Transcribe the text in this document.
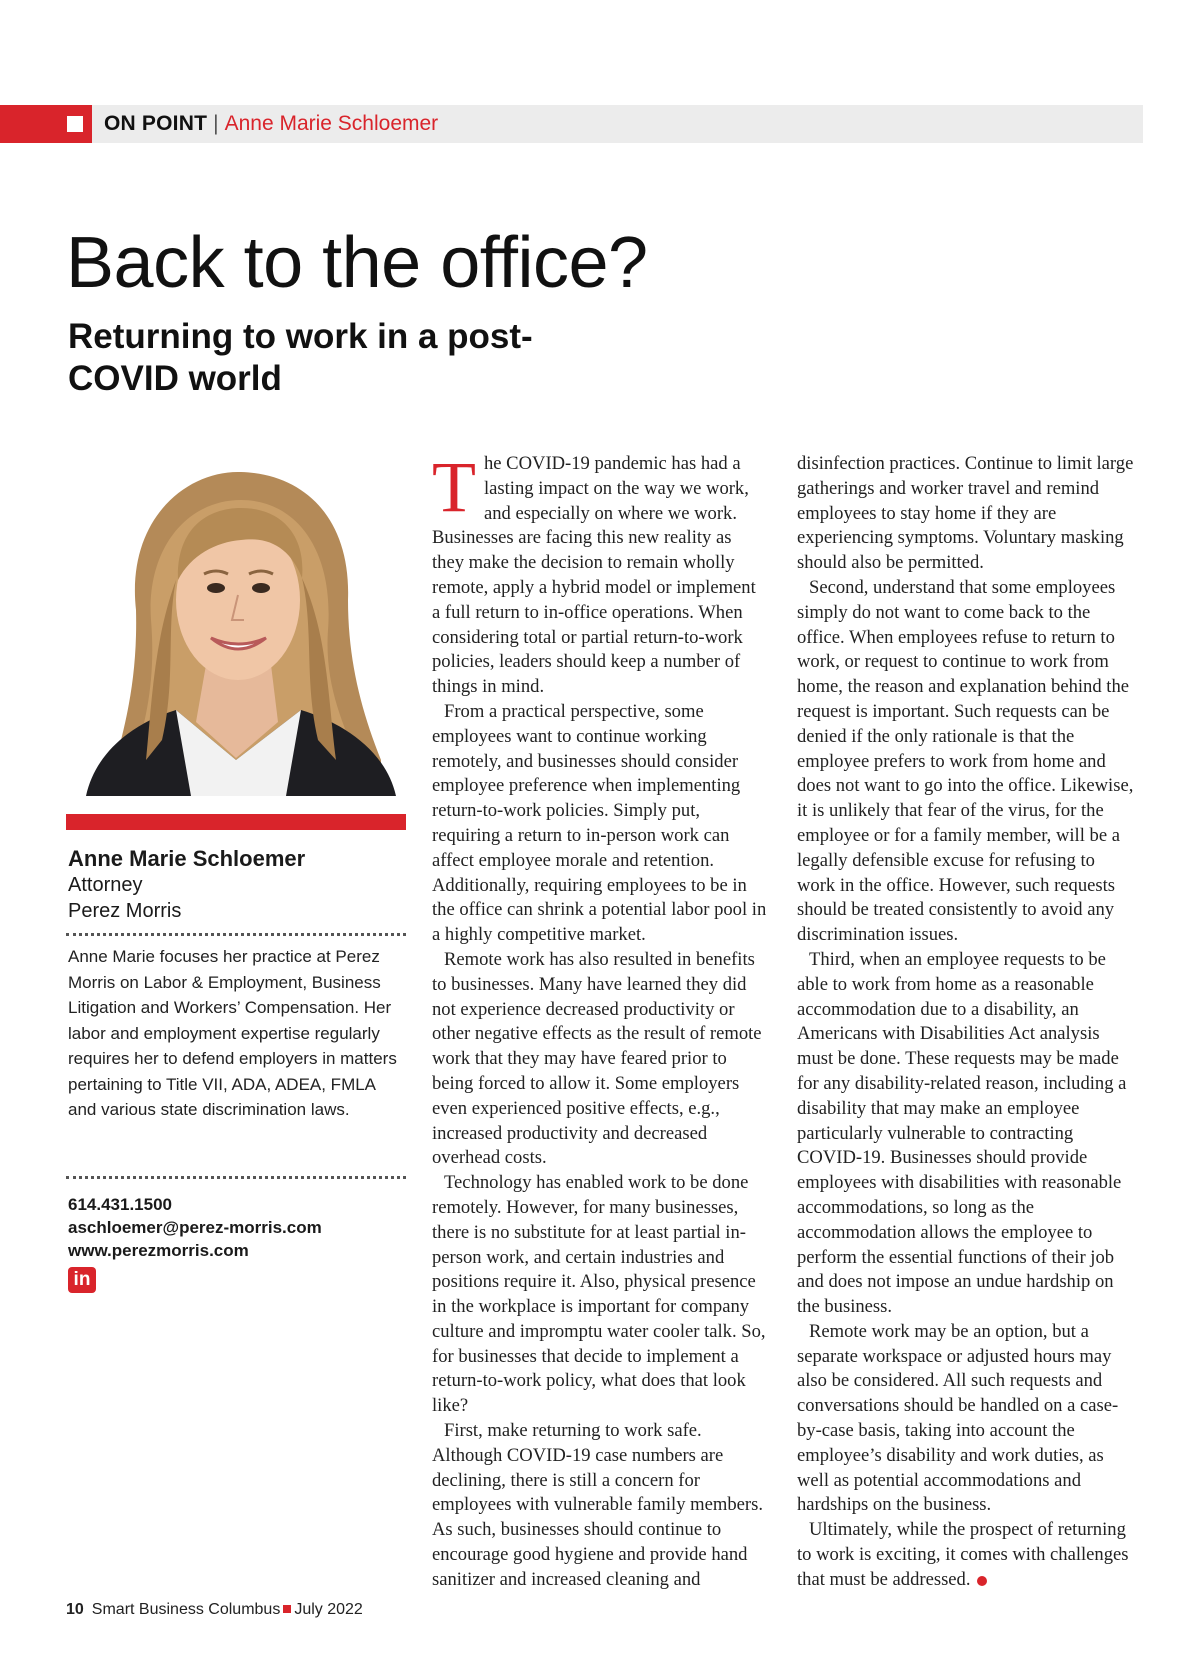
ON POINT | Anne Marie Schloemer
Back to the office?
Returning to work in a post-COVID world
Anne Marie Schloemer
Attorney
Perez Morris

Anne Marie focuses her practice at Perez Morris on Labor & Employment, Business Litigation and Workers’ Compensation. Her labor and employment expertise regularly requires her to defend employers in matters pertaining to Title VII, ADA, ADEA, FMLA and various state discrimination laws.

614.431.1500
aschloemer@perez-morris.com
www.perezmorris.com
in

The COVID-19 pandemic has had a lasting impact on the way we work, and especially on where we work. Businesses are facing this new reality as they make the decision to remain wholly remote, apply a hybrid model or implement a full return to in-office operations. When considering total or partial return-to-work policies, leaders should keep a number of things in mind.

From a practical perspective, some employees want to continue working remotely, and businesses should consider employee preference when implementing return-to-work policies. Simply put, requiring a return to in-person work can affect employee morale and retention. Additionally, requiring employees to be in the office can shrink a potential labor pool in a highly competitive market.

Remote work has also resulted in benefits to businesses. Many have learned they did not experience decreased productivity or other negative effects as the result of remote work that they may have feared prior to being forced to allow it. Some employers even experienced positive effects, e.g., increased productivity and decreased overhead costs.

Technology has enabled work to be done remotely. However, for many businesses, there is no substitute for at least partial in-person work, and certain industries and positions require it. Also, physical presence in the workplace is important for company culture and impromptu water cooler talk. So, for businesses that decide to implement a return-to-work policy, what does that look like?

First, make returning to work safe. Although COVID-19 case numbers are declining, there is still a concern for employees with vulnerable family members. As such, businesses should continue to encourage good hygiene and provide hand sanitizer and increased cleaning and

disinfection practices. Continue to limit large gatherings and worker travel and remind employees to stay home if they are experiencing symptoms. Voluntary masking should also be permitted.

Second, understand that some employees simply do not want to come back to the office. When employees refuse to return to work, or request to continue to work from home, the reason and explanation behind the request is important. Such requests can be denied if the only rationale is that the employee prefers to work from home and does not want to go into the office. Likewise, it is unlikely that fear of the virus, for the employee or for a family member, will be a legally defensible excuse for refusing to work in the office. However, such requests should be treated consistently to avoid any discrimination issues.

Third, when an employee requests to be able to work from home as a reasonable accommodation due to a disability, an Americans with Disabilities Act analysis must be done. These requests may be made for any disability-related reason, including a disability that may make an employee particularly vulnerable to contracting COVID-19. Businesses should provide employees with disabilities with reasonable accommodations, so long as the accommodation allows the employee to perform the essential functions of their job and does not impose an undue hardship on the business.

Remote work may be an option, but a separate workspace or adjusted hours may also be considered. All such requests and conversations should be handled on a case-by-case basis, taking into account the employee’s disability and work duties, as well as potential accommodations and hardships on the business.

Ultimately, while the prospect of returning to work is exciting, it comes with challenges that must be addressed.

10 Smart Business Columbus July 2022
